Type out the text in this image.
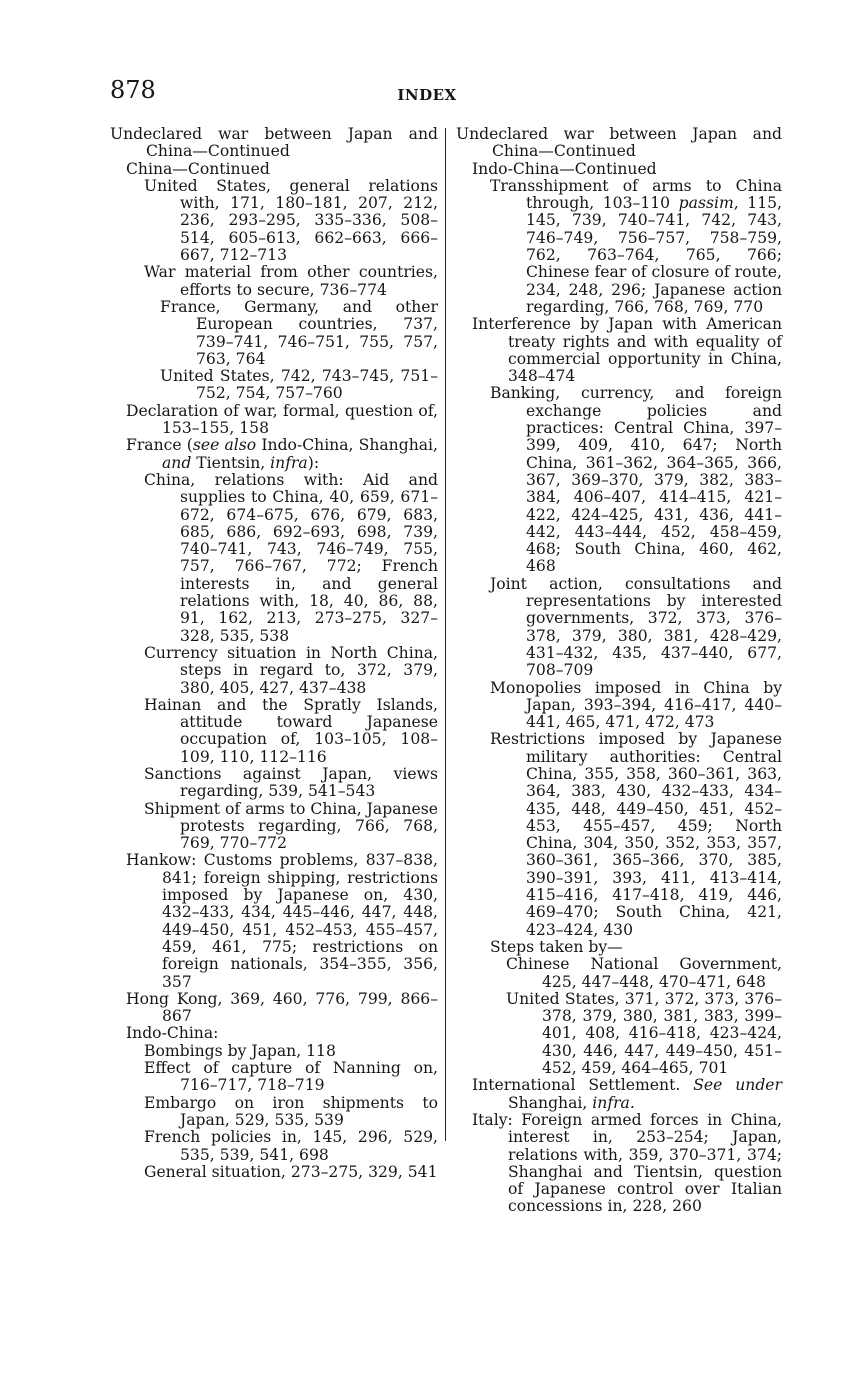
878	INDEX

Undeclared war between Japan and China—Continued

China—Continued

United States, general relations with, 171, 180–181, 207, 212, 236, 293–295, 335–336, 508–514, 605–613, 662–663, 666–667, 712–713

War material from other countries, efforts to secure, 736–774

France, Germany, and other European countries, 737, 739–741, 746–751, 755, 757, 763, 764

United States, 742, 743–745, 751–752, 754, 757–760

Declaration of war, formal, question of, 153–155, 158

France (see also Indo-China, Shanghai, and Tientsin, infra):

China, relations with: Aid and supplies to China, 40, 659, 671–672, 674–675, 676, 679, 683, 685, 686, 692–693, 698, 739, 740–741, 743, 746–749, 755, 757, 766–767, 772; French interests in, and general relations with, 18, 40, 86, 88, 91, 162, 213, 273–275, 327–328, 535, 538

Currency situation in North China, steps in regard to, 372, 379, 380, 405, 427, 437–438

Hainan and the Spratly Islands, attitude toward Japanese occupation of, 103–105, 108–109, 110, 112–116

Sanctions against Japan, views regarding, 539, 541–543

Shipment of arms to China, Japanese protests regarding, 766, 768, 769, 770–772

Hankow: Customs problems, 837–838, 841; foreign shipping, restrictions imposed by Japanese on, 430, 432–433, 434, 445–446, 447, 448, 449–450, 451, 452–453, 455–457, 459, 461, 775; restrictions on foreign nationals, 354–355, 356, 357

Hong Kong, 369, 460, 776, 799, 866–867

Indo-China:

Bombings by Japan, 118

Effect of capture of Nanning on, 716–717, 718–719

Embargo on iron shipments to Japan, 529, 535, 539

French policies in, 145, 296, 529, 535, 539, 541, 698

General situation, 273–275, 329, 541

Undeclared war between Japan and China—Continued

Indo-China—Continued

Transshipment of arms to China through, 103–110 passim, 115, 145, 739, 740–741, 742, 743, 746–749, 756–757, 758–759, 762, 763–764, 765, 766; Chinese fear of closure of route, 234, 248, 296; Japanese action regarding, 766, 768, 769, 770

Interference by Japan with American treaty rights and with equality of commercial opportunity in China, 348–474

Banking, currency, and foreign exchange policies and practices: Central China, 397–399, 409, 410, 647; North China, 361–362, 364–365, 366, 367, 369–370, 379, 382, 383–384, 406–407, 414–415, 421–422, 424–425, 431, 436, 441–442, 443–444, 452, 458–459, 468; South China, 460, 462, 468

Joint action, consultations and representations by interested governments, 372, 373, 376–378, 379, 380, 381, 428–429, 431–432, 435, 437–440, 677, 708–709

Monopolies imposed in China by Japan, 393–394, 416–417, 440–441, 465, 471, 472, 473

Restrictions imposed by Japanese military authorities: Central China, 355, 358, 360–361, 363, 364, 383, 430, 432–433, 434–435, 448, 449–450, 451, 452–453, 455–457, 459; North China, 304, 350, 352, 353, 357, 360–361, 365–366, 370, 385, 390–391, 393, 411, 413–414, 415–416, 417–418, 419, 446, 469–470; South China, 421, 423–424, 430

Steps taken by—

Chinese National Government, 425, 447–448, 470–471, 648

United States, 371, 372, 373, 376–378, 379, 380, 381, 383, 399–401, 408, 416–418, 423–424, 430, 446, 447, 449–450, 451–452, 459, 464–465, 701

International Settlement. See under Shanghai, infra.

Italy: Foreign armed forces in China, interest in, 253–254; Japan, relations with, 359, 370–371, 374; Shanghai and Tientsin, question of Japanese control over Italian concessions in, 228, 260
